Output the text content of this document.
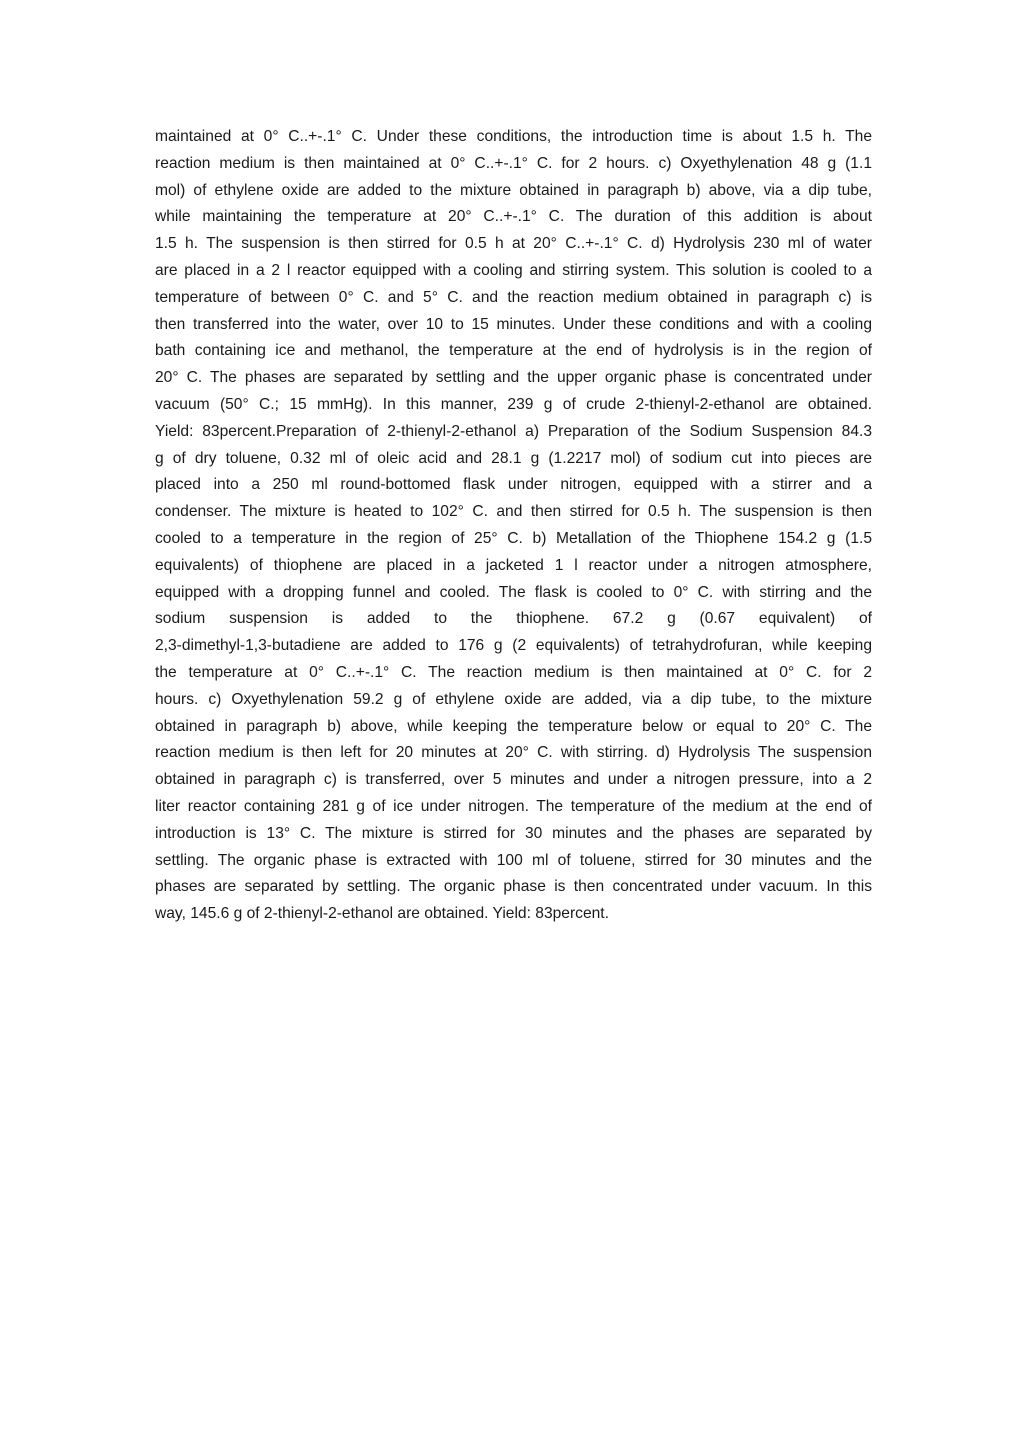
maintained at 0° C..+-.1° C. Under these conditions, the introduction time is about 1.5 h. The
reaction medium is then maintained at 0° C..+-.1° C. for 2 hours. c) Oxyethylenation 48 g (1.1
mol) of ethylene oxide are added to the mixture obtained in paragraph b) above, via a dip tube,
while maintaining the temperature at 20° C..+-.1° C. The duration of this addition is about
1.5 h. The suspension is then stirred for 0.5 h at 20° C..+-.1° C. d) Hydrolysis 230 ml of water
are placed in a 2 l reactor equipped with a cooling and stirring system. This solution is cooled to a
temperature of between 0° C. and 5° C. and the reaction medium obtained in paragraph c) is
then transferred into the water, over 10 to 15 minutes. Under these conditions and with a cooling
bath containing ice and methanol, the temperature at the end of hydrolysis is in the region of
20° C. The phases are separated by settling and the upper organic phase is concentrated under
vacuum (50° C.; 15 mmHg). In this manner, 239 g of crude 2-thienyl-2-ethanol are obtained.
Yield: 83percent.Preparation of 2-thienyl-2-ethanol a) Preparation of the Sodium Suspension 84.3
g of dry toluene, 0.32 ml of oleic acid and 28.1 g (1.2217 mol) of sodium cut into pieces are
placed into a 250 ml round-bottomed flask under nitrogen, equipped with a stirrer and a
condenser. The mixture is heated to 102° C. and then stirred for 0.5 h. The suspension is then
cooled to a temperature in the region of 25° C. b) Metallation of the Thiophene 154.2 g (1.5
equivalents) of thiophene are placed in a jacketed 1 l reactor under a nitrogen atmosphere,
equipped with a dropping funnel and cooled. The flask is cooled to 0° C. with stirring and the
sodium suspension is added to the thiophene. 67.2 g (0.67 equivalent) of
2,3-dimethyl-1,3-butadiene are added to 176 g (2 equivalents) of tetrahydrofuran, while keeping
the temperature at 0° C..+-.1° C. The reaction medium is then maintained at 0° C. for 2
hours. c) Oxyethylenation 59.2 g of ethylene oxide are added, via a dip tube, to the mixture
obtained in paragraph b) above, while keeping the temperature below or equal to 20° C. The
reaction medium is then left for 20 minutes at 20° C. with stirring. d) Hydrolysis The suspension
obtained in paragraph c) is transferred, over 5 minutes and under a nitrogen pressure, into a 2
liter reactor containing 281 g of ice under nitrogen. The temperature of the medium at the end of
introduction is 13° C. The mixture is stirred for 30 minutes and the phases are separated by
settling. The organic phase is extracted with 100 ml of toluene, stirred for 30 minutes and the
phases are separated by settling. The organic phase is then concentrated under vacuum. In this
way, 145.6 g of 2-thienyl-2-ethanol are obtained. Yield: 83percent.
